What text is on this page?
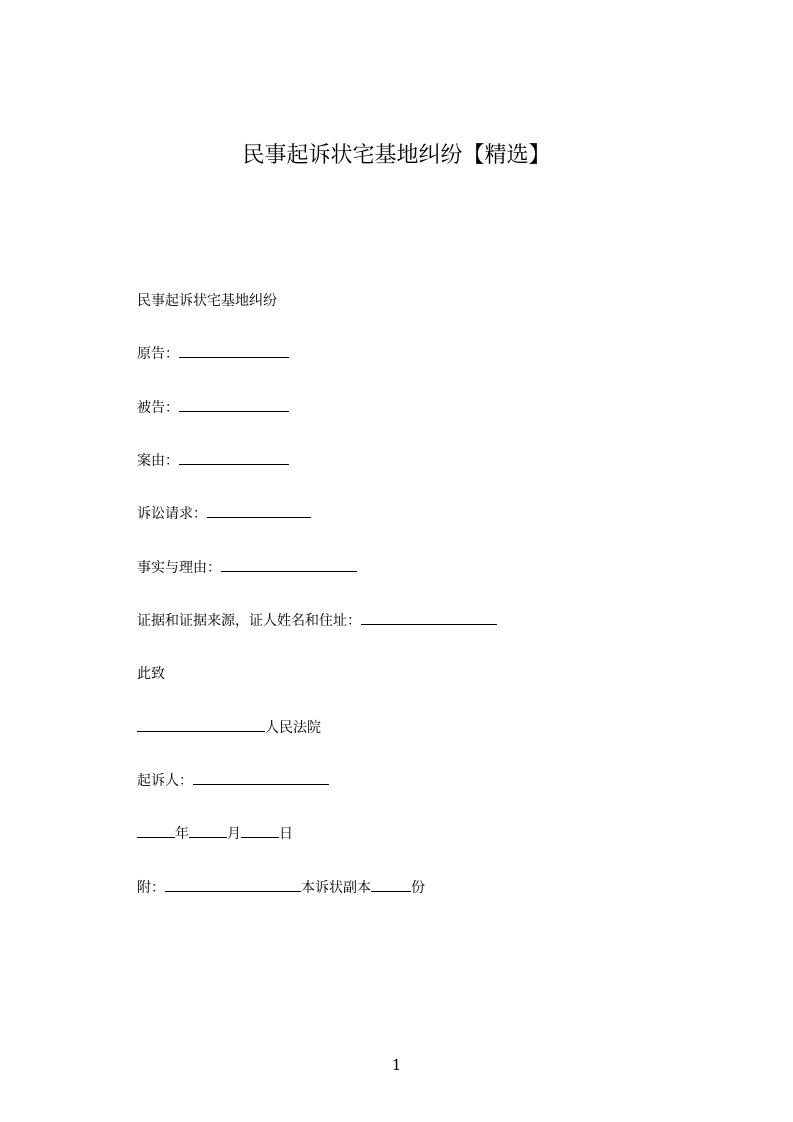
民事起诉状宅基地纠纷【精选】
民事起诉状宅基地纠纷
原告：
被告：
案由：
诉讼请求：
事实与理由：
证据和证据来源，证人姓名和住址：
此致
人民法院
起诉人：
年	月	日
附：	本诉状副本	份
1
